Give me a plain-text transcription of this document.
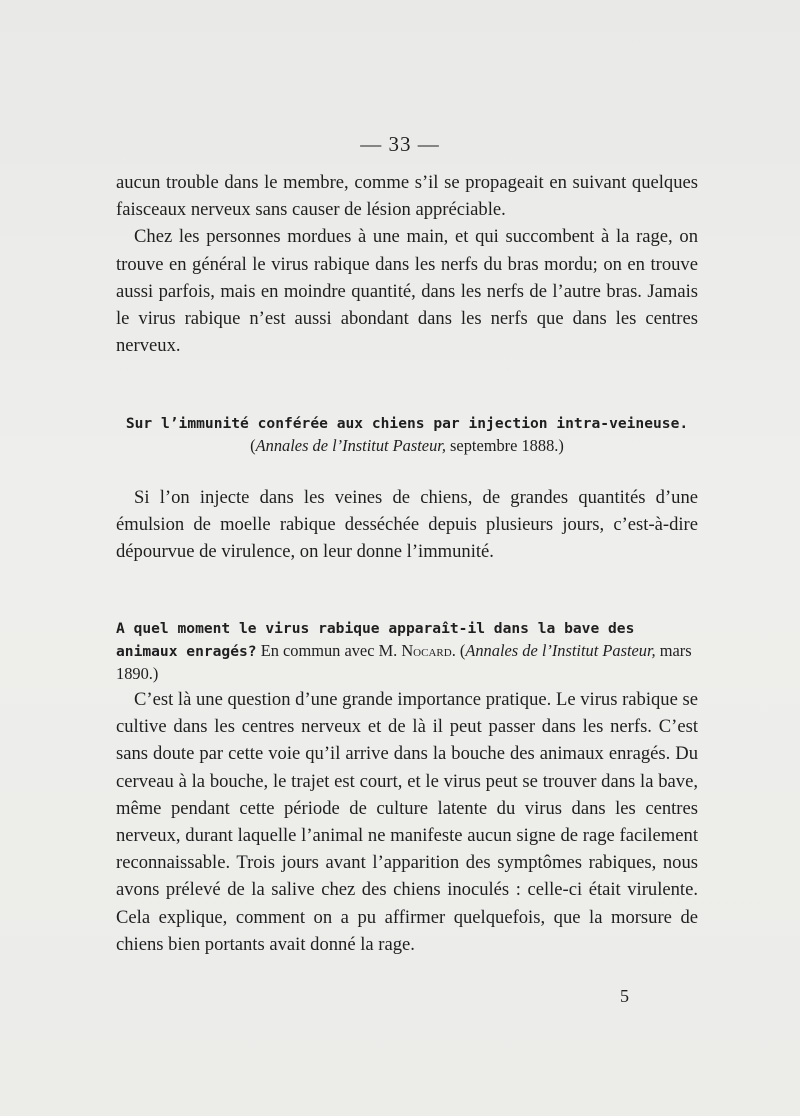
— 33 —

aucun trouble dans le membre, comme s’il se propageait en suivant quelques faisceaux nerveux sans causer de lésion appréciable.

Chez les personnes mordues à une main, et qui succombent à la rage, on trouve en général le virus rabique dans les nerfs du bras mordu; on en trouve aussi parfois, mais en moindre quantité, dans les nerfs de l’autre bras. Jamais le virus rabique n’est aussi abondant dans les nerfs que dans les centres nerveux.

Sur l’immunité conférée aux chiens par injection intra-veineuse.
(Annales de l’Institut Pasteur, septembre 1888.)

Si l’on injecte dans les veines de chiens, de grandes quantités d’une émulsion de moelle rabique desséchée depuis plusieurs jours, c’est-à-dire dépourvue de virulence, on leur donne l’immunité.

A quel moment le virus rabique apparaît-il dans la bave des animaux enragés? En commun avec M. Nocard. (Annales de l’Institut Pasteur, mars 1890.)

C’est là une question d’une grande importance pratique. Le virus rabique se cultive dans les centres nerveux et de là il peut passer dans les nerfs. C’est sans doute par cette voie qu’il arrive dans la bouche des animaux enragés. Du cerveau à la bouche, le trajet est court, et le virus peut se trouver dans la bave, même pendant cette période de culture latente du virus dans les centres nerveux, durant laquelle l’animal ne manifeste aucun signe de rage facilement reconnaissable. Trois jours avant l’apparition des symptômes rabiques, nous avons prélevé de la salive chez des chiens inoculés : celle-ci était virulente. Cela explique, comment on a pu affirmer quelquefois, que la morsure de chiens bien portants avait donné la rage.

5
